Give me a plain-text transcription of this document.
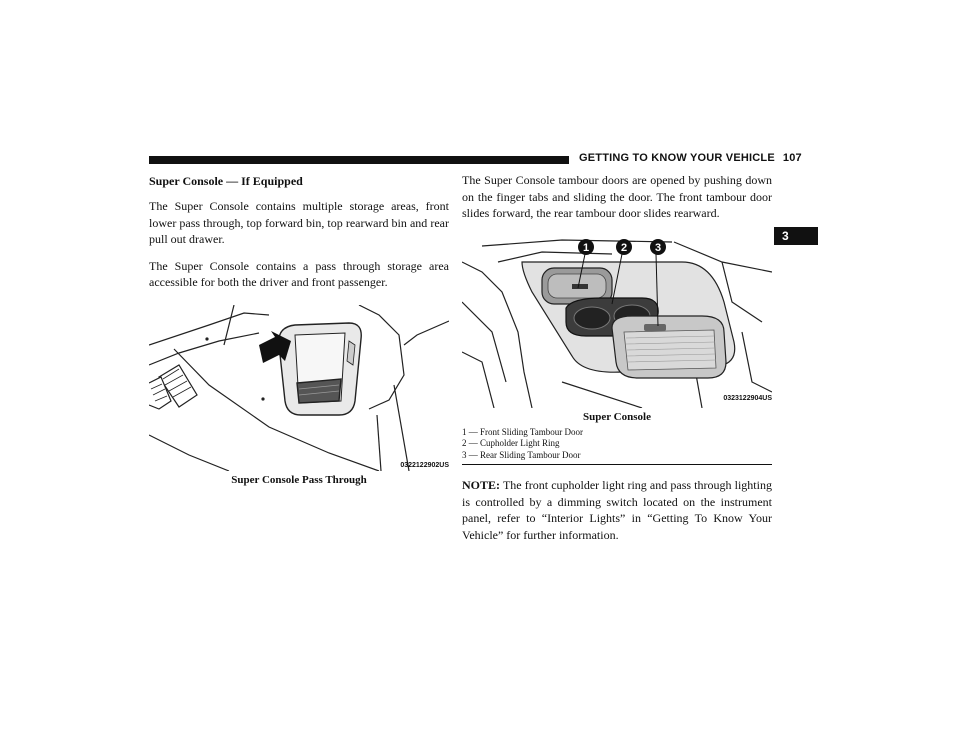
GETTING TO KNOW YOUR VEHICLE 107
3
Super Console — If Equipped

The Super Console contains multiple storage areas, front lower pass through, top forward bin, top rearward bin and rear pull out drawer.

The Super Console contains a pass through storage area accessible for both the driver and front passenger.

0322122902US
Super Console Pass Through

The Super Console tambour doors are opened by pushing down on the finger tabs and sliding the door. The front tambour door slides forward, the rear tambour door slides rearward.

1	2	3
0323122904US
Super Console
1 — Front Sliding Tambour Door
2 — Cupholder Light Ring
3 — Rear Sliding Tambour Door

NOTE: The front cupholder light ring and pass through lighting is controlled by a dimming switch located on the instrument panel, refer to “Interior Lights” in “Getting To Know Your Vehicle” for further information.
